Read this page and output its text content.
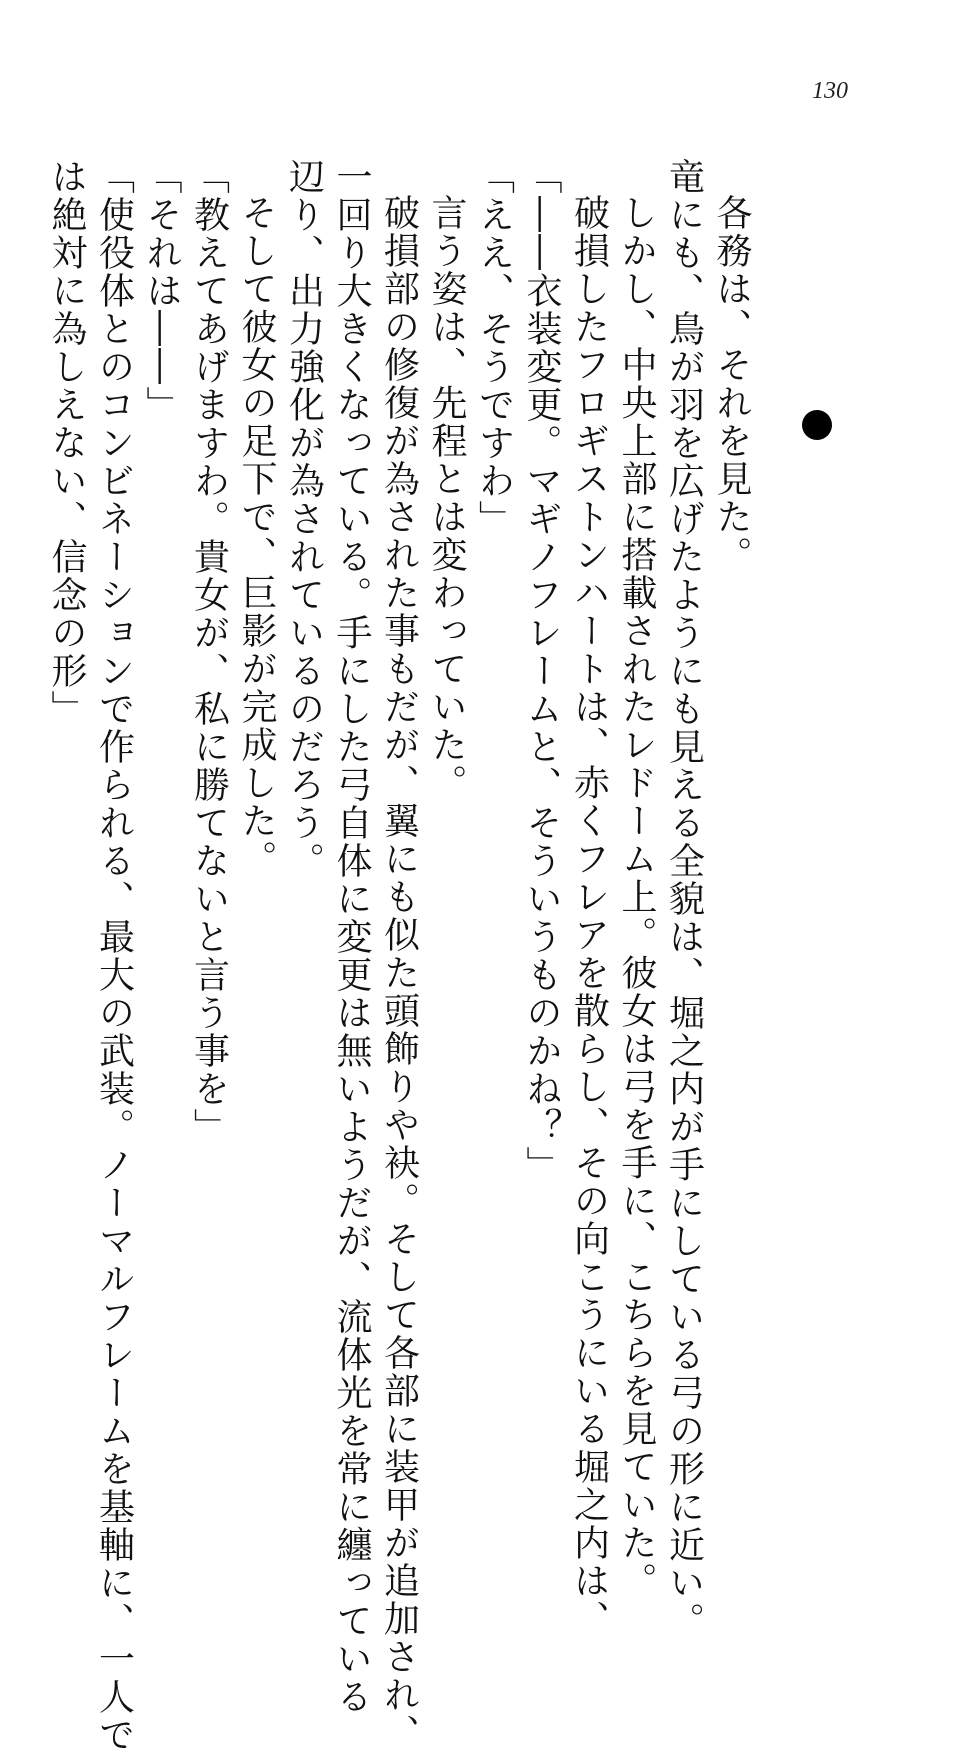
130
各務は、それを見た。
竜にも、鳥が羽を広げたようにも見える全貌は、堀之内が手にしている弓の形に近い。
しかし、中央上部に搭載されたレドーム上。彼女は弓を手に、こちらを見ていた。
破損したフロギストンハートは、赤くフレアを散らし、その向こうにいる堀之内は、
「――衣装変更。マギノフレームと、そういうものかね？」
「ええ、そうですわ」
言う姿は、先程とは変わっていた。
破損部の修復が為された事もだが、翼にも似た頭飾りや袂。そして各部に装甲が追加され、
一回り大きくなっている。手にした弓自体に変更は無いようだが、流体光を常に纏っている
辺り、出力強化が為されているのだろう。
そして彼女の足下で、巨影が完成した。
「教えてあげますわ。貴女が、私に勝てないと言う事を」
「それは――」
「使役体とのコンビネーションで作られる、最大の武装。ノーマルフレームを基軸に、一人で
は絶対に為しえない、信念の形」
